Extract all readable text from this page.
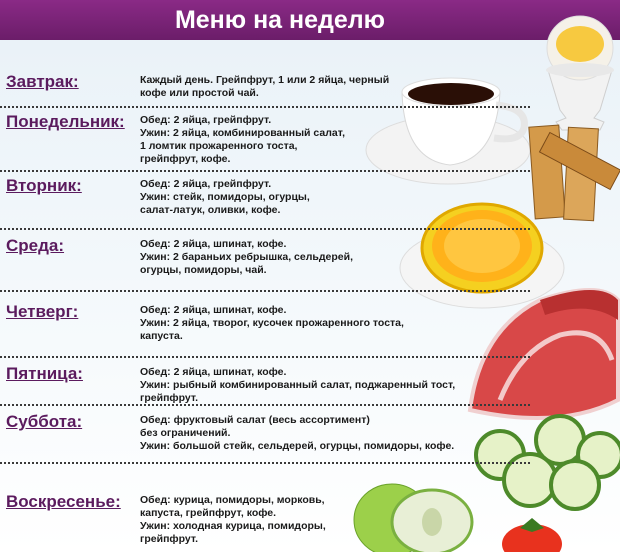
Меню на неделю
Завтрак:	Каждый день. Грейпфрут, 1 или 2 яйца, черный
кофе или простой чай.
Понедельник: Обед: 2 яйца, грейпфрут.
Ужин: 2 яйца, комбинированный салат,
1 ломтик прожаренного тоста,
грейпфрут, кофе.
Вторник:	Обед: 2 яйца, грейпфрут.
Ужин: стейк, помидоры, огурцы,
салат-латук, оливки, кофе.
Среда:	Обед: 2 яйца, шпинат, кофе.
Ужин: 2 бараньих ребрышка, сельдерей,
огурцы, помидоры, чай.
Четверг:	Обед: 2 яйца, шпинат, кофе.
Ужин: 2 яйца, творог, кусочек прожаренного тоста,
капуста.
Пятница:	Обед: 2 яйца, шпинат, кофе.
Ужин: рыбный комбинированный салат, поджаренный тост,
грейпфрут.
Суббота:	Обед: фруктовый салат (весь ассортимент)
без ограничений.
Ужин: большой стейк, сельдерей, огурцы, помидоры, кофе.
Воскресенье: Обед: курица, помидоры, морковь,
капуста, грейпфрут, кофе.
Ужин: холодная курица, помидоры,
грейпфрут.
